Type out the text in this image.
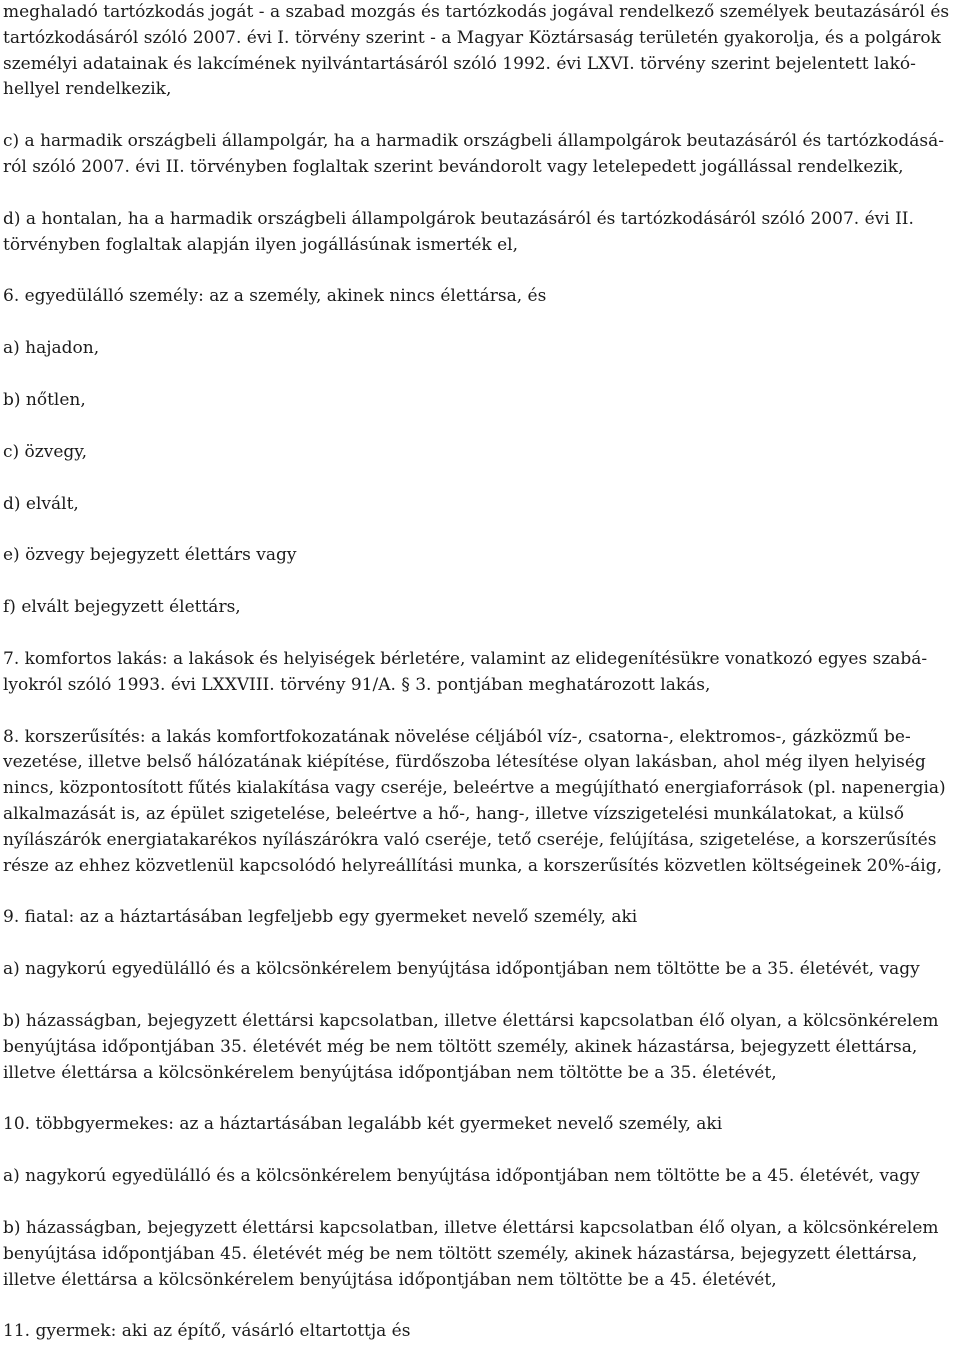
meghaladó tartózkodás jogát - a szabad mozgás és tartózkodás jogával rendelkező személyek beutazásáról és
tartózkodásáról szóló 2007. évi I. törvény szerint - a Magyar Köztársaság területén gyakorolja, és a polgárok
személyi adatainak és lakcímének nyilvántartásáról szóló 1992. évi LXVI. törvény szerint bejelentett lakó-
hellyel rendelkezik,

c) a harmadik országbeli állampolgár, ha a harmadik országbeli állampolgárok beutazásáról és tartózkodásá-
ról szóló 2007. évi II. törvényben foglaltak szerint bevándorolt vagy letelepedett jogállással rendelkezik,

d) a hontalan, ha a harmadik országbeli állampolgárok beutazásáról és tartózkodásáról szóló 2007. évi II.
törvényben foglaltak alapján ilyen jogállásúnak ismerték el,

6. egyedülálló személy: az a személy, akinek nincs élettársa, és

a) hajadon,

b) nőtlen,

c) özvegy,

d) elvált,

e) özvegy bejegyzett élettárs vagy

f) elvált bejegyzett élettárs,

7. komfortos lakás: a lakások és helyiségek bérletére, valamint az elidegenítésükre vonatkozó egyes szabá-
lyokról szóló 1993. évi LXXVIII. törvény 91/A. § 3. pontjában meghatározott lakás,

8. korszerűsítés: a lakás komfortfokozatának növelése céljából víz-, csatorna-, elektromos-, gázközmű be-
vezetése, illetve belső hálózatának kiépítése, fürdőszoba létesítése olyan lakásban, ahol még ilyen helyiség
nincs, központosított fűtés kialakítása vagy cseréje, beleértve a megújítható energiaforrások (pl. napenergia)
alkalmazását is, az épület szigetelése, beleértve a hő-, hang-, illetve vízszigetelési munkálatokat, a külső
nyílászárók energiatakarékos nyílászárókra való cseréje, tető cseréje, felújítása, szigetelése, a korszerűsítés
része az ehhez közvetlenül kapcsolódó helyreállítási munka, a korszerűsítés közvetlen költségeinek 20%-áig,

9. fiatal: az a háztartásában legfeljebb egy gyermeket nevelő személy, aki

a) nagykorú egyedülálló és a kölcsönkérelem benyújtása időpontjában nem töltötte be a 35. életévét, vagy

b) házasságban, bejegyzett élettársi kapcsolatban, illetve élettársi kapcsolatban élő olyan, a kölcsönkérelem
benyújtása időpontjában 35. életévét még be nem töltött személy, akinek házastársa, bejegyzett élettársa,
illetve élettársa a kölcsönkérelem benyújtása időpontjában nem töltötte be a 35. életévét,

10. többgyermekes: az a háztartásában legalább két gyermeket nevelő személy, aki

a) nagykorú egyedülálló és a kölcsönkérelem benyújtása időpontjában nem töltötte be a 45. életévét, vagy

b) házasságban, bejegyzett élettársi kapcsolatban, illetve élettársi kapcsolatban élő olyan, a kölcsönkérelem
benyújtása időpontjában 45. életévét még be nem töltött személy, akinek házastársa, bejegyzett élettársa,
illetve élettársa a kölcsönkérelem benyújtása időpontjában nem töltötte be a 45. életévét,

11. gyermek: aki az építő, vásárló eltartottja és
